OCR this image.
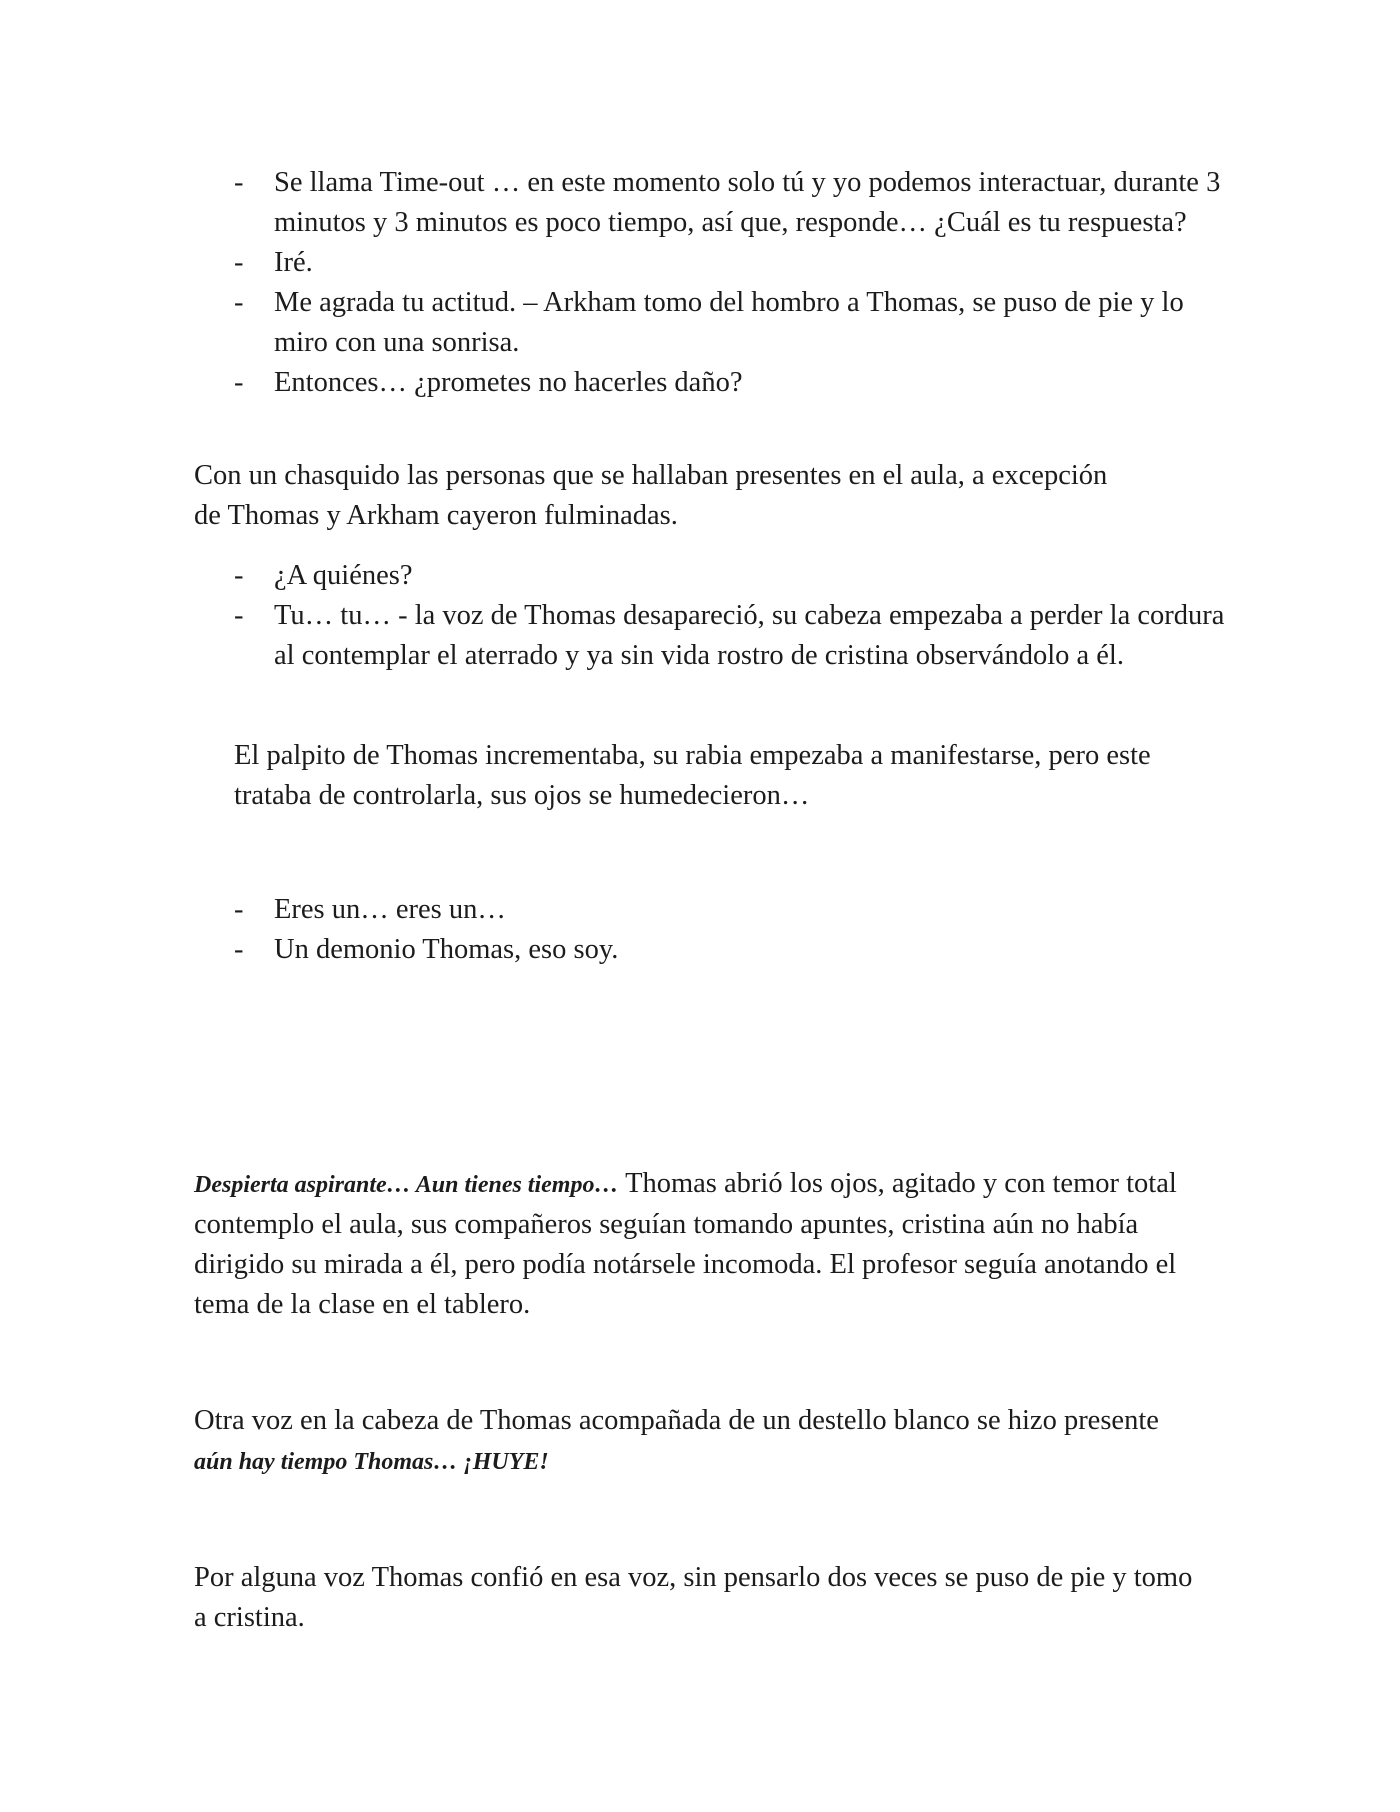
- Se llama Time-out … en este momento solo tú y yo podemos interactuar, durante 3 minutos y 3 minutos es poco tiempo, así que, responde… ¿Cuál es tu respuesta?
- Iré.
- Me agrada tu actitud. – Arkham tomo del hombro a Thomas, se puso de pie y lo miro con una sonrisa.
- Entonces… ¿prometes no hacerles daño?

Con un chasquido las personas que se hallaban presentes en el aula, a excepción de Thomas y Arkham cayeron fulminadas.

- ¿A quiénes?
- Tu… tu… - la voz de Thomas desapareció, su cabeza empezaba a perder la cordura al contemplar el aterrado y ya sin vida rostro de cristina observándolo a él.

El palpito de Thomas incrementaba, su rabia empezaba a manifestarse, pero este trataba de controlarla, sus ojos se humedecieron…

- Eres un… eres un…
- Un demonio Thomas, eso soy.

Despierta aspirante… Aun tienes tiempo… Thomas abrió los ojos, agitado y con temor total contemplo el aula, sus compañeros seguían tomando apuntes, cristina aún no había dirigido su mirada a él, pero podía notársele incomoda. El profesor seguía anotando el tema de la clase en el tablero.

Otra voz en la cabeza de Thomas acompañada de un destello blanco se hizo presente aún hay tiempo Thomas… ¡HUYE!

Por alguna voz Thomas confió en esa voz, sin pensarlo dos veces se puso de pie y tomo a cristina.
